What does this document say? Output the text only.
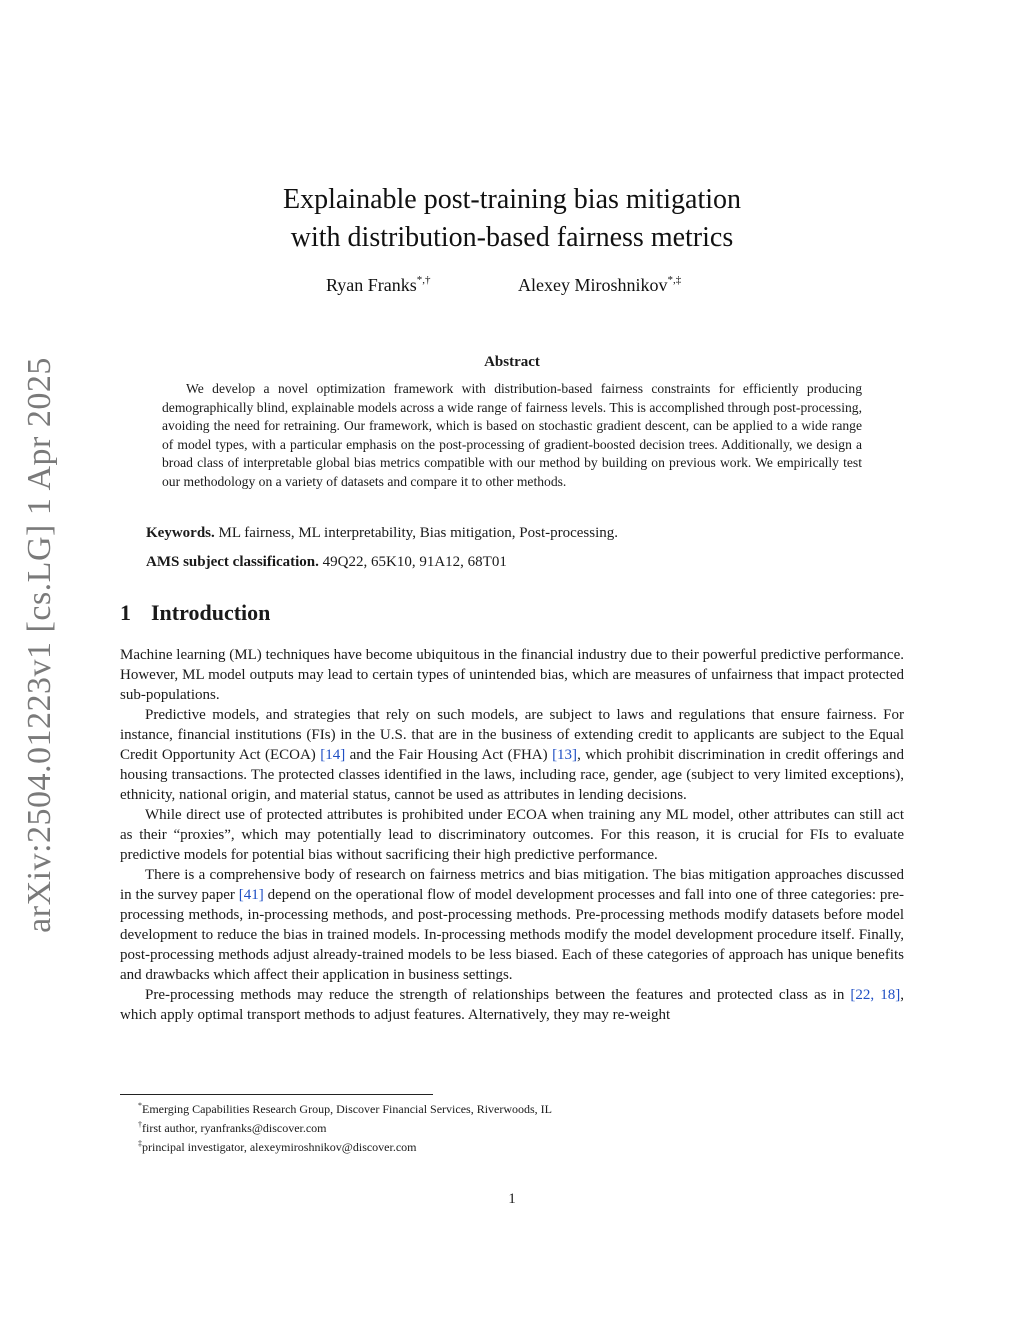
arXiv:2504.01223v1 [cs.LG] 1 Apr 2025
Explainable post-training bias mitigation
with distribution-based fairness metrics
Ryan Franks*,†	Alexey Miroshnikov*,‡
Abstract

We develop a novel optimization framework with distribution-based fairness constraints for efficiently producing demographically blind, explainable models across a wide range of fairness levels. This is accomplished through post-processing, avoiding the need for retraining. Our framework, which is based on stochastic gradient descent, can be applied to a wide range of model types, with a particular emphasis on the post-processing of gradient-boosted decision trees. Additionally, we design a broad class of interpretable global bias metrics compatible with our method by building on previous work. We empirically test our methodology on a variety of datasets and compare it to other methods.

Keywords. ML fairness, ML interpretability, Bias mitigation, Post-processing.
AMS subject classification. 49Q22, 65K10, 91A12, 68T01
1 Introduction

Machine learning (ML) techniques have become ubiquitous in the financial industry due to their powerful predictive performance. However, ML model outputs may lead to certain types of unintended bias, which are measures of unfairness that impact protected sub-populations.

Predictive models, and strategies that rely on such models, are subject to laws and regulations that ensure fairness. For instance, financial institutions (FIs) in the U.S. that are in the business of extending credit to applicants are subject to the Equal Credit Opportunity Act (ECOA) [14] and the Fair Housing Act (FHA) [13], which prohibit discrimination in credit offerings and housing transactions. The protected classes identified in the laws, including race, gender, age (subject to very limited exceptions), ethnicity, national origin, and material status, cannot be used as attributes in lending decisions.

While direct use of protected attributes is prohibited under ECOA when training any ML model, other attributes can still act as their “proxies”, which may potentially lead to discriminatory outcomes. For this reason, it is crucial for FIs to evaluate predictive models for potential bias without sacrificing their high predictive performance.

There is a comprehensive body of research on fairness metrics and bias mitigation. The bias mitigation approaches discussed in the survey paper [41] depend on the operational flow of model development processes and fall into one of three categories: pre-processing methods, in-processing methods, and post-processing methods. Pre-processing methods modify datasets before model development to reduce the bias in trained models. In-processing methods modify the model development procedure itself. Finally, post-processing methods adjust already-trained models to be less biased. Each of these categories of approach has unique benefits and drawbacks which affect their application in business settings.

Pre-processing methods may reduce the strength of relationships between the features and protected class as in [22, 18], which apply optimal transport methods to adjust features. Alternatively, they may re-weight

*Emerging Capabilities Research Group, Discover Financial Services, Riverwoods, IL
†first author, ryanfranks@discover.com
‡principal investigator, alexeymiroshnikov@discover.com
1
